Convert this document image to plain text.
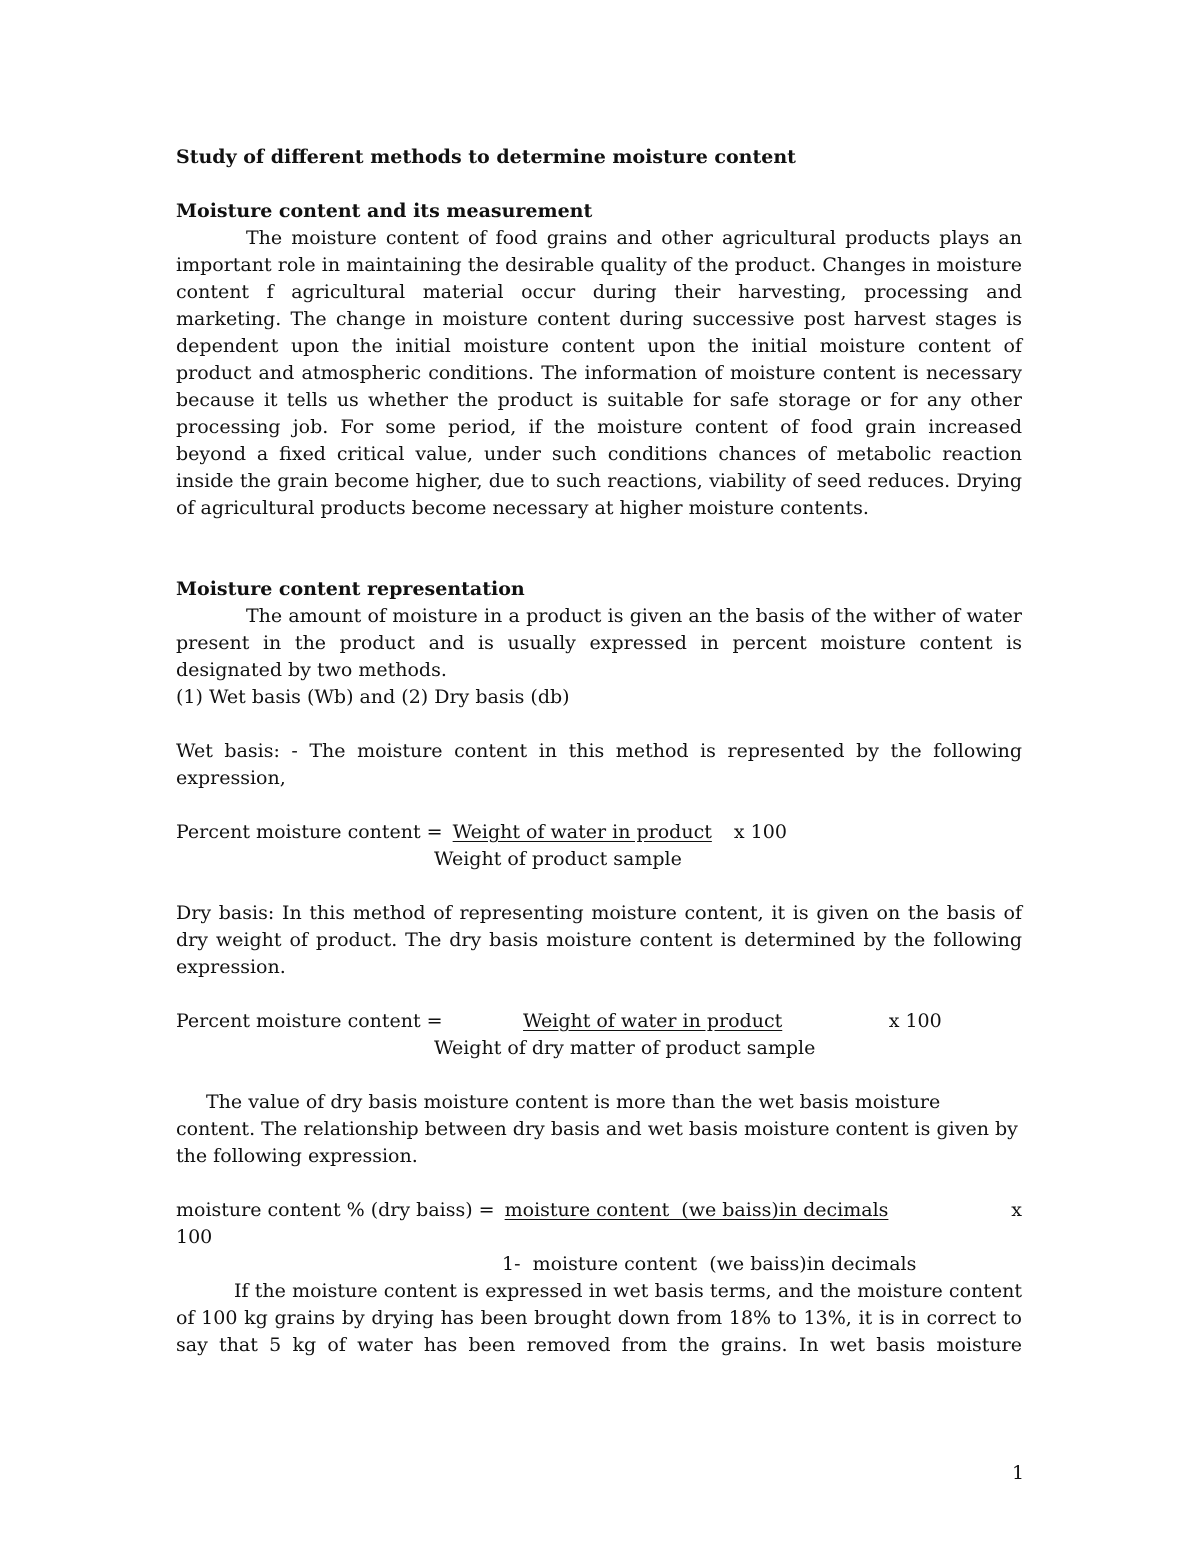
Study of different methods to determine moisture content
Moisture content and its measurement
The moisture content of food grains and other agricultural products plays an important role in maintaining the desirable quality of the product. Changes in moisture content f agricultural material occur during their harvesting, processing and marketing. The change in moisture content during successive post harvest stages is dependent upon the initial moisture content upon the initial moisture content of product and atmospheric conditions. The information of moisture content is necessary because it tells us whether the product is suitable for safe storage or for any other processing job. For some period, if the moisture content of food grain increased beyond a fixed critical value, under such conditions chances of metabolic reaction inside the grain become higher, due to such reactions, viability of seed reduces. Drying of agricultural products become necessary at higher moisture contents.
Moisture content representation
The amount of moisture in a product is given an the basis of the wither of water present in the product and is usually expressed in percent moisture content is designated by two methods.
(1) Wet basis (Wb) and (2) Dry basis (db)
Wet basis: - The moisture content in this method is represented by the following expression,
Percent moisture content = Weight of water in product x 100
Weight of product sample
Dry basis: In this method of representing moisture content, it is given on the basis of dry weight of product. The dry basis moisture content is determined by the following expression.
Percent moisture content =	Weight of water in product	x 100
Weight of dry matter of product sample
The value of dry basis moisture content is more than the wet basis moisture content. The relationship between dry basis and wet basis moisture content is given by the following expression.
moisture content % (dry baiss) = moisture content  (we baiss)in decimals	x
100
1-  moisture content  (we baiss)in decimals
If the moisture content is expressed in wet basis terms, and the moisture content of 100 kg grains by drying has been brought down from 18% to 13%, it is in correct to say that 5 kg of water has been removed from the grains. In wet basis moisture
1
